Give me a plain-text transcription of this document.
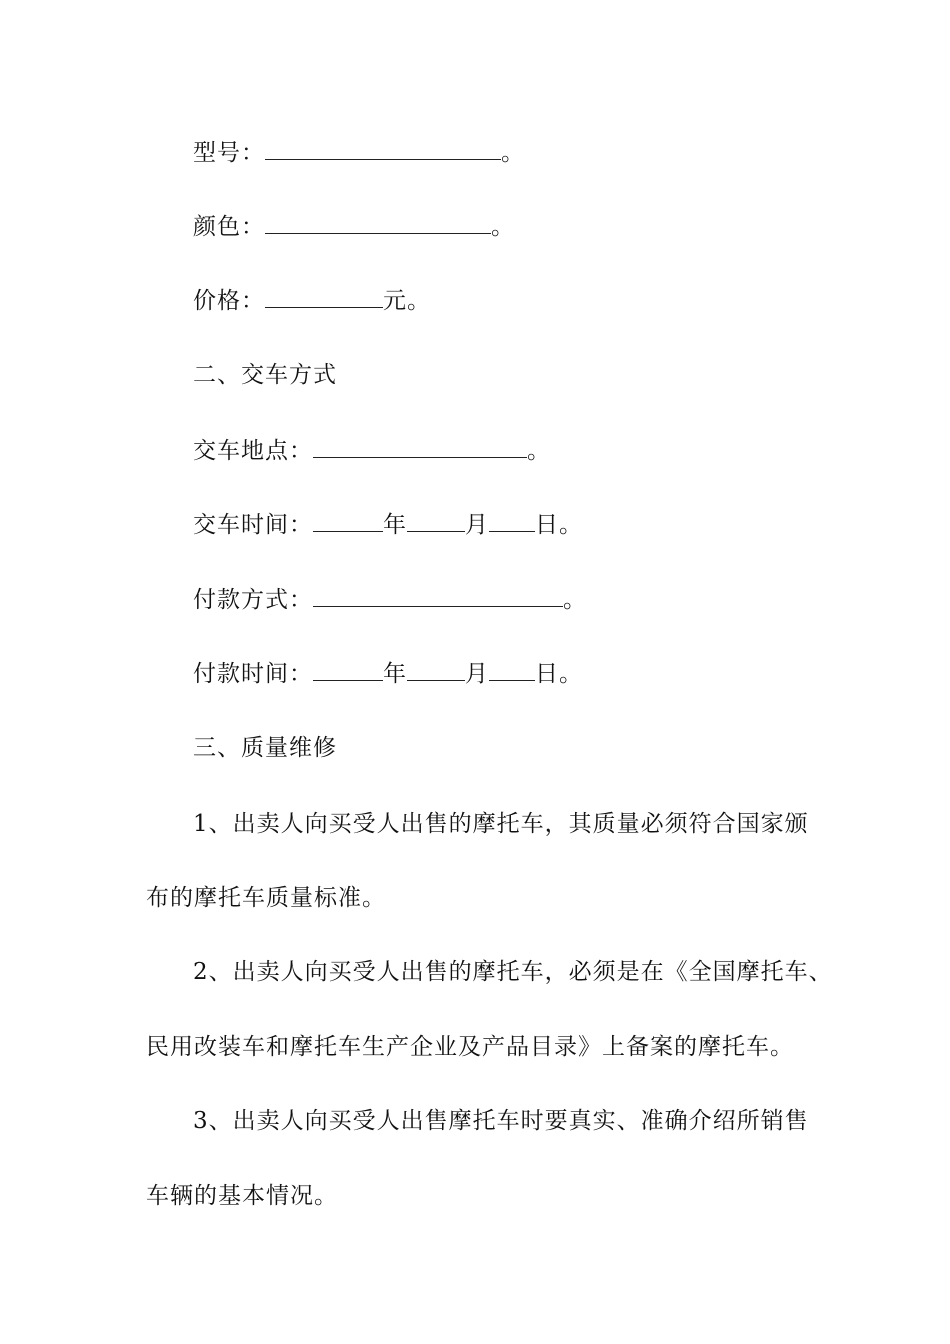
型号：	。
颜色：	。
价格：	元。
二、交车方式
交车地点：	。
交车时间：	年	月 日。
付款方式：	。
付款时间：	年	月 日。
三、质量维修
1、出卖人向买受人出售的摩托车，其质量必须符合国家颁
布的摩托车质量标准。
2、出卖人向买受人出售的摩托车，必须是在《全国摩托车、
民用改装车和摩托车生产企业及产品目录》上备案的摩托车。
3、出卖人向买受人出售摩托车时要真实、准确介绍所销售
车辆的基本情况。
